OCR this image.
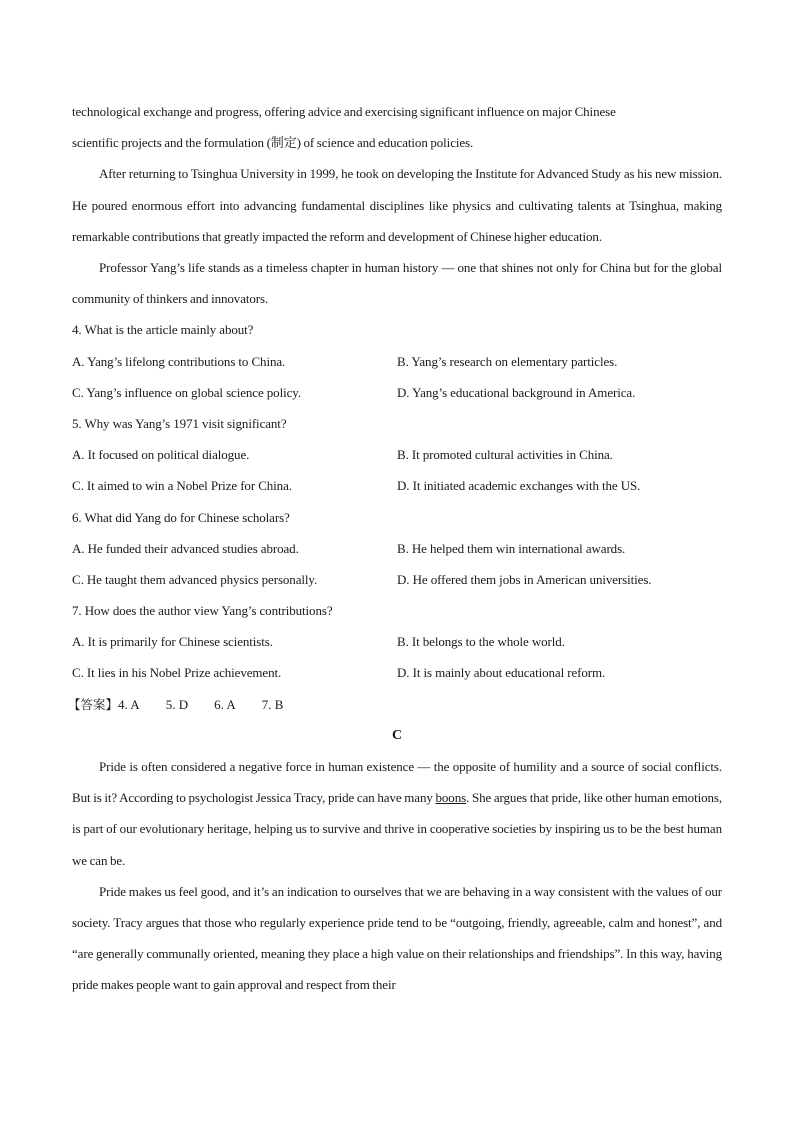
technological exchange and progress, offering advice and exercising significant influence on major Chinese
scientific projects and the formulation (制定) of science and education policies.

After returning to Tsinghua University in 1999, he took on developing the Institute for Advanced Study as his new mission. He poured enormous effort into advancing fundamental disciplines like physics and cultivating talents at Tsinghua, making remarkable contributions that greatly impacted the reform and development of Chinese higher education.

Professor Yang’s life stands as a timeless chapter in human history — one that shines not only for China but for the global community of thinkers and innovators.

4. What is the article mainly about?
A. Yang’s lifelong contributions to China.	B. Yang’s research on elementary particles.
C. Yang’s influence on global science policy.	D. Yang’s educational background in America.
5. Why was Yang’s 1971 visit significant?
A. It focused on political dialogue.	B. It promoted cultural activities in China.
C. It aimed to win a Nobel Prize for China.	D. It initiated academic exchanges with the US.
6. What did Yang do for Chinese scholars?
A. He funded their advanced studies abroad.	B. He helped them win international awards.
C. He taught them advanced physics personally.	D. He offered them jobs in American universities.
7. How does the author view Yang’s contributions?
A. It is primarily for Chinese scientists.	B. It belongs to the whole world.
C. It lies in his Nobel Prize achievement.	D. It is mainly about educational reform.
【答案】4. A 5. D 6. A 7. B
C

Pride is often considered a negative force in human existence — the opposite of humility and a source of social conflicts. But is it? According to psychologist Jessica Tracy, pride can have many boons. She argues that pride, like other human emotions, is part of our evolutionary heritage, helping us to survive and thrive in cooperative societies by inspiring us to be the best human we can be.

Pride makes us feel good, and it’s an indication to ourselves that we are behaving in a way consistent with the values of our society. Tracy argues that those who regularly experience pride tend to be “outgoing, friendly, agreeable, calm and honest”, and “are generally communally oriented, meaning they place a high value on their relationships and friendships”. In this way, having pride makes people want to gain approval and respect from their
